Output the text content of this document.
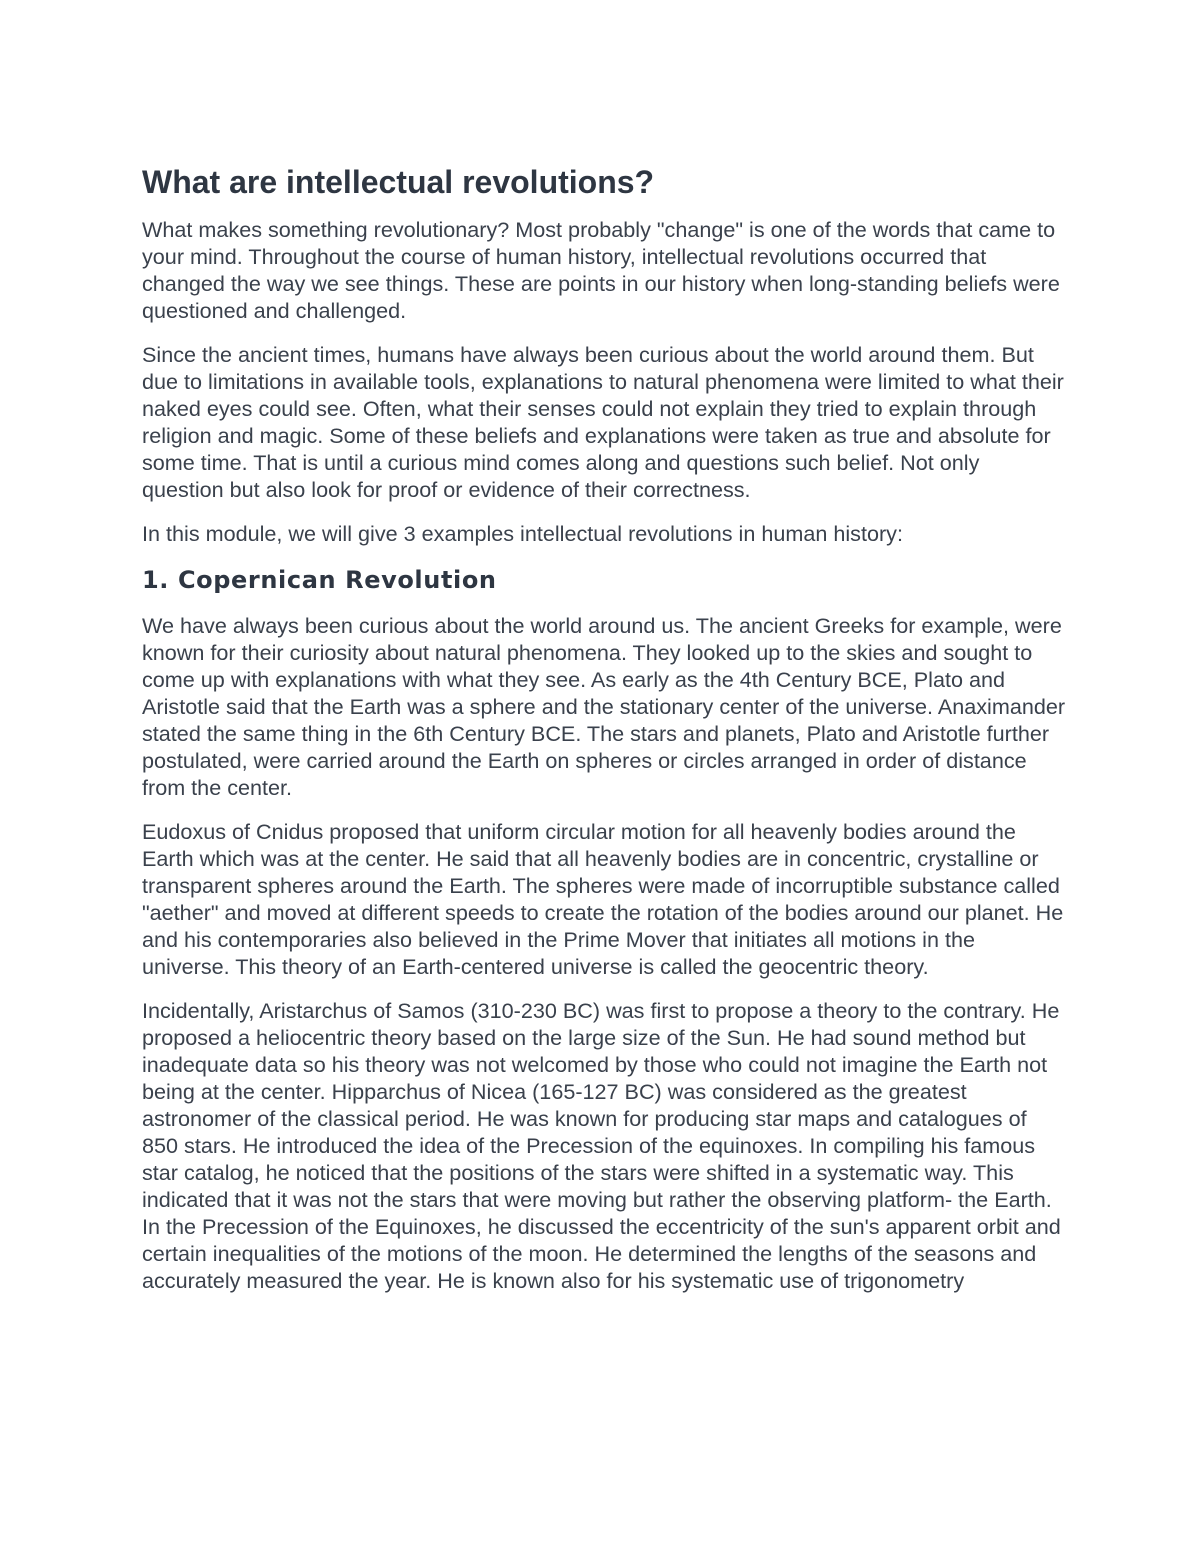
What are intellectual revolutions?

What makes something revolutionary? Most probably "change" is one of the words that came to your mind. Throughout the course of human history, intellectual revolutions occurred that changed the way we see things. These are points in our history when long-standing beliefs were questioned and challenged.

Since the ancient times, humans have always been curious about the world around them. But due to limitations in available tools, explanations to natural phenomena were limited to what their naked eyes could see. Often, what their senses could not explain they tried to explain through religion and magic. Some of these beliefs and explanations were taken as true and absolute for some time. That is until a curious mind comes along and questions such belief. Not only question but also look for proof or evidence of their correctness.

In this module, we will give 3 examples intellectual revolutions in human history:

1. Copernican Revolution

We have always been curious about the world around us. The ancient Greeks for example, were known for their curiosity about natural phenomena. They looked up to the skies and sought to come up with explanations with what they see. As early as the 4th Century BCE, Plato and Aristotle said that the Earth was a sphere and the stationary center of the universe. Anaximander stated the same thing in the 6th Century BCE. The stars and planets, Plato and Aristotle further postulated, were carried around the Earth on spheres or circles arranged in order of distance from the center.

Eudoxus of Cnidus proposed that uniform circular motion for all heavenly bodies around the Earth which was at the center. He said that all heavenly bodies are in concentric, crystalline or transparent spheres around the Earth. The spheres were made of incorruptible substance called "aether" and moved at different speeds to create the rotation of the bodies around our planet. He and his contemporaries also believed in the Prime Mover that initiates all motions in the universe. This theory of an Earth-centered universe is called the geocentric theory.

Incidentally, Aristarchus of Samos (310-230 BC) was first to propose a theory to the contrary. He proposed a heliocentric theory based on the large size of the Sun. He had sound method but inadequate data so his theory was not welcomed by those who could not imagine the Earth not being at the center. Hipparchus of Nicea (165-127 BC) was considered as the greatest astronomer of the classical period. He was known for producing star maps and catalogues of 850 stars. He introduced the idea of the Precession of the equinoxes. In compiling his famous star catalog, he noticed that the positions of the stars were shifted in a systematic way. This indicated that it was not the stars that were moving but rather the observing platform- the Earth. In the Precession of the Equinoxes, he discussed the eccentricity of the sun's apparent orbit and certain inequalities of the motions of the moon. He determined the lengths of the seasons and accurately measured the year. He is known also for his systematic use of trigonometry
